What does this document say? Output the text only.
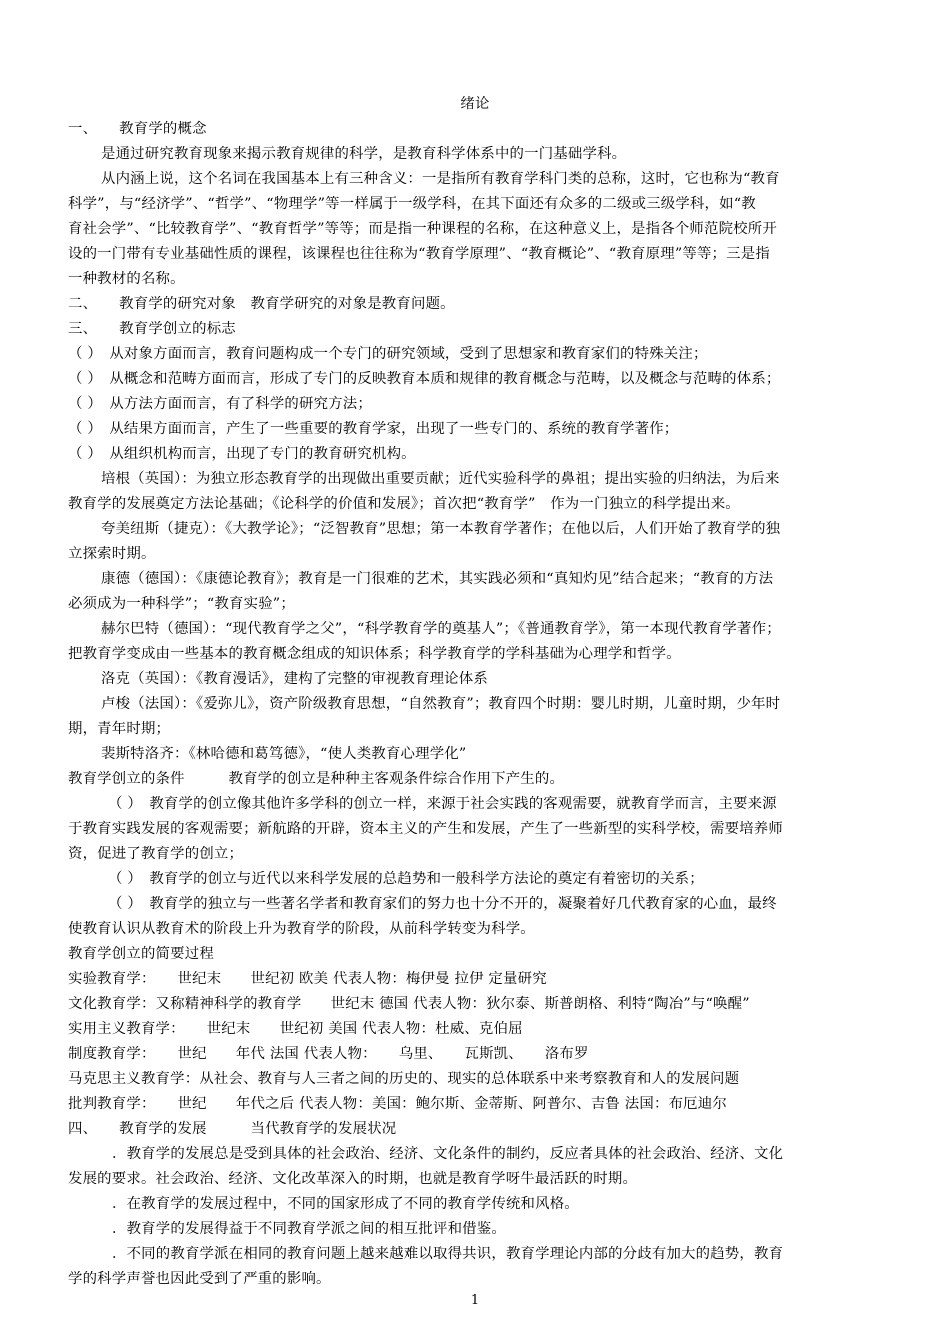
绪论
一、　　教育学的概念
是通过研究教育现象来揭示教育规律的科学，是教育科学体系中的一门基础学科。
从内涵上说，这个名词在我国基本上有三种含义：一是指所有教育学科门类的总称，这时，它也称为“教育
科学”，与“经济学”、“哲学”、“物理学”等一样属于一级学科，在其下面还有众多的二级或三级学科，如“教
育社会学”、“比较教育学”、“教育哲学”等等；而是指一种课程的名称，在这种意义上，是指各个师范院校所开
设的一门带有专业基础性质的课程，该课程也往往称为“教育学原理”、“教育概论”、“教育原理”等等；三是指
一种教材的名称。
二、　　教育学的研究对象　教育学研究的对象是教育问题。
三、　　教育学创立的标志
（ ）　从对象方面而言，教育问题构成一个专门的研究领域，受到了思想家和教育家们的特殊关注；
（ ）　从概念和范畴方面而言，形成了专门的反映教育本质和规律的教育概念与范畴，以及概念与范畴的体系；
（ ）　从方法方面而言，有了科学的研究方法；
（ ）　从结果方面而言，产生了一些重要的教育学家，出现了一些专门的、系统的教育学著作；
（ ）　从组织机构而言，出现了专门的教育研究机构。
培根（英国）：为独立形态教育学的出现做出重要贡献；近代实验科学的鼻祖；提出实验的归纳法，为后来
教育学的发展奠定方法论基础；《论科学的价值和发展》；首次把“教育学”　作为一门独立的科学提出来。
夸美纽斯（捷克）：《大教学论》；“泛智教育”思想；第一本教育学著作；在他以后，人们开始了教育学的独
立探索时期。
康德（德国）：《康德论教育》；教育是一门很难的艺术，其实践必须和“真知灼见”结合起来；“教育的方法
必须成为一种科学”；“教育实验”；
赫尔巴特（德国）：“现代教育学之父”，“科学教育学的奠基人”；《普通教育学》，第一本现代教育学著作；
把教育学变成由一些基本的教育概念组成的知识体系；科学教育学的学科基础为心理学和哲学。
洛克（英国）：《教育漫话》，建构了完整的审视教育理论体系
卢梭（法国）：《爱弥儿》，资产阶级教育思想，“自然教育”；教育四个时期：婴儿时期，儿童时期，少年时
期，青年时期；
裴斯特洛齐：《林哈德和葛笃德》，“使人类教育心理学化”
教育学创立的条件　　　教育学的创立是种种主客观条件综合作用下产生的。
（ ）　教育学的创立像其他许多学科的创立一样，来源于社会实践的客观需要，就教育学而言，主要来源
于教育实践发展的客观需要；新航路的开辟，资本主义的产生和发展，产生了一些新型的实科学校，需要培养师
资，促进了教育学的创立；
（ ）　教育学的创立与近代以来科学发展的总趋势和一般科学方法论的奠定有着密切的关系；
（ ）　教育学的独立与一些著名学者和教育家们的努力也十分不开的，凝聚着好几代教育家的心血，最终
使教育认识从教育术的阶段上升为教育学的阶段，从前科学转变为科学。
教育学创立的简要过程
实验教育学：　　世纪末　　世纪初 欧美 代表人物：梅伊曼 拉伊 定量研究
文化教育学：又称精神科学的教育学　　世纪末 德国 代表人物：狄尔泰、斯普朗格、利特“陶冶”与“唤醒”
实用主义教育学：　　世纪末　　世纪初 美国 代表人物：杜威、克伯屈
制度教育学：　　世纪　　年代 法国 代表人物：　　乌里、　　瓦斯凯、　　洛布罗
马克思主义教育学：从社会、教育与人三者之间的历史的、现实的总体联系中来考察教育和人的发展问题
批判教育学：　　世纪　　年代之后 代表人物：美国：鲍尔斯、金蒂斯、阿普尔、吉鲁 法国：布厄迪尔
四、　　教育学的发展　　　当代教育学的发展状况
．教育学的发展总是受到具体的社会政治、经济、文化条件的制约，反应者具体的社会政治、经济、文化
发展的要求。社会政治、经济、文化改革深入的时期，也就是教育学呀牛最活跃的时期。
．在教育学的发展过程中，不同的国家形成了不同的教育学传统和风格。
．教育学的发展得益于不同教育学派之间的相互批评和借鉴。
．不同的教育学派在相同的教育问题上越来越难以取得共识，教育学理论内部的分歧有加大的趋势，教育
学的科学声誉也因此受到了严重的影响。
1
